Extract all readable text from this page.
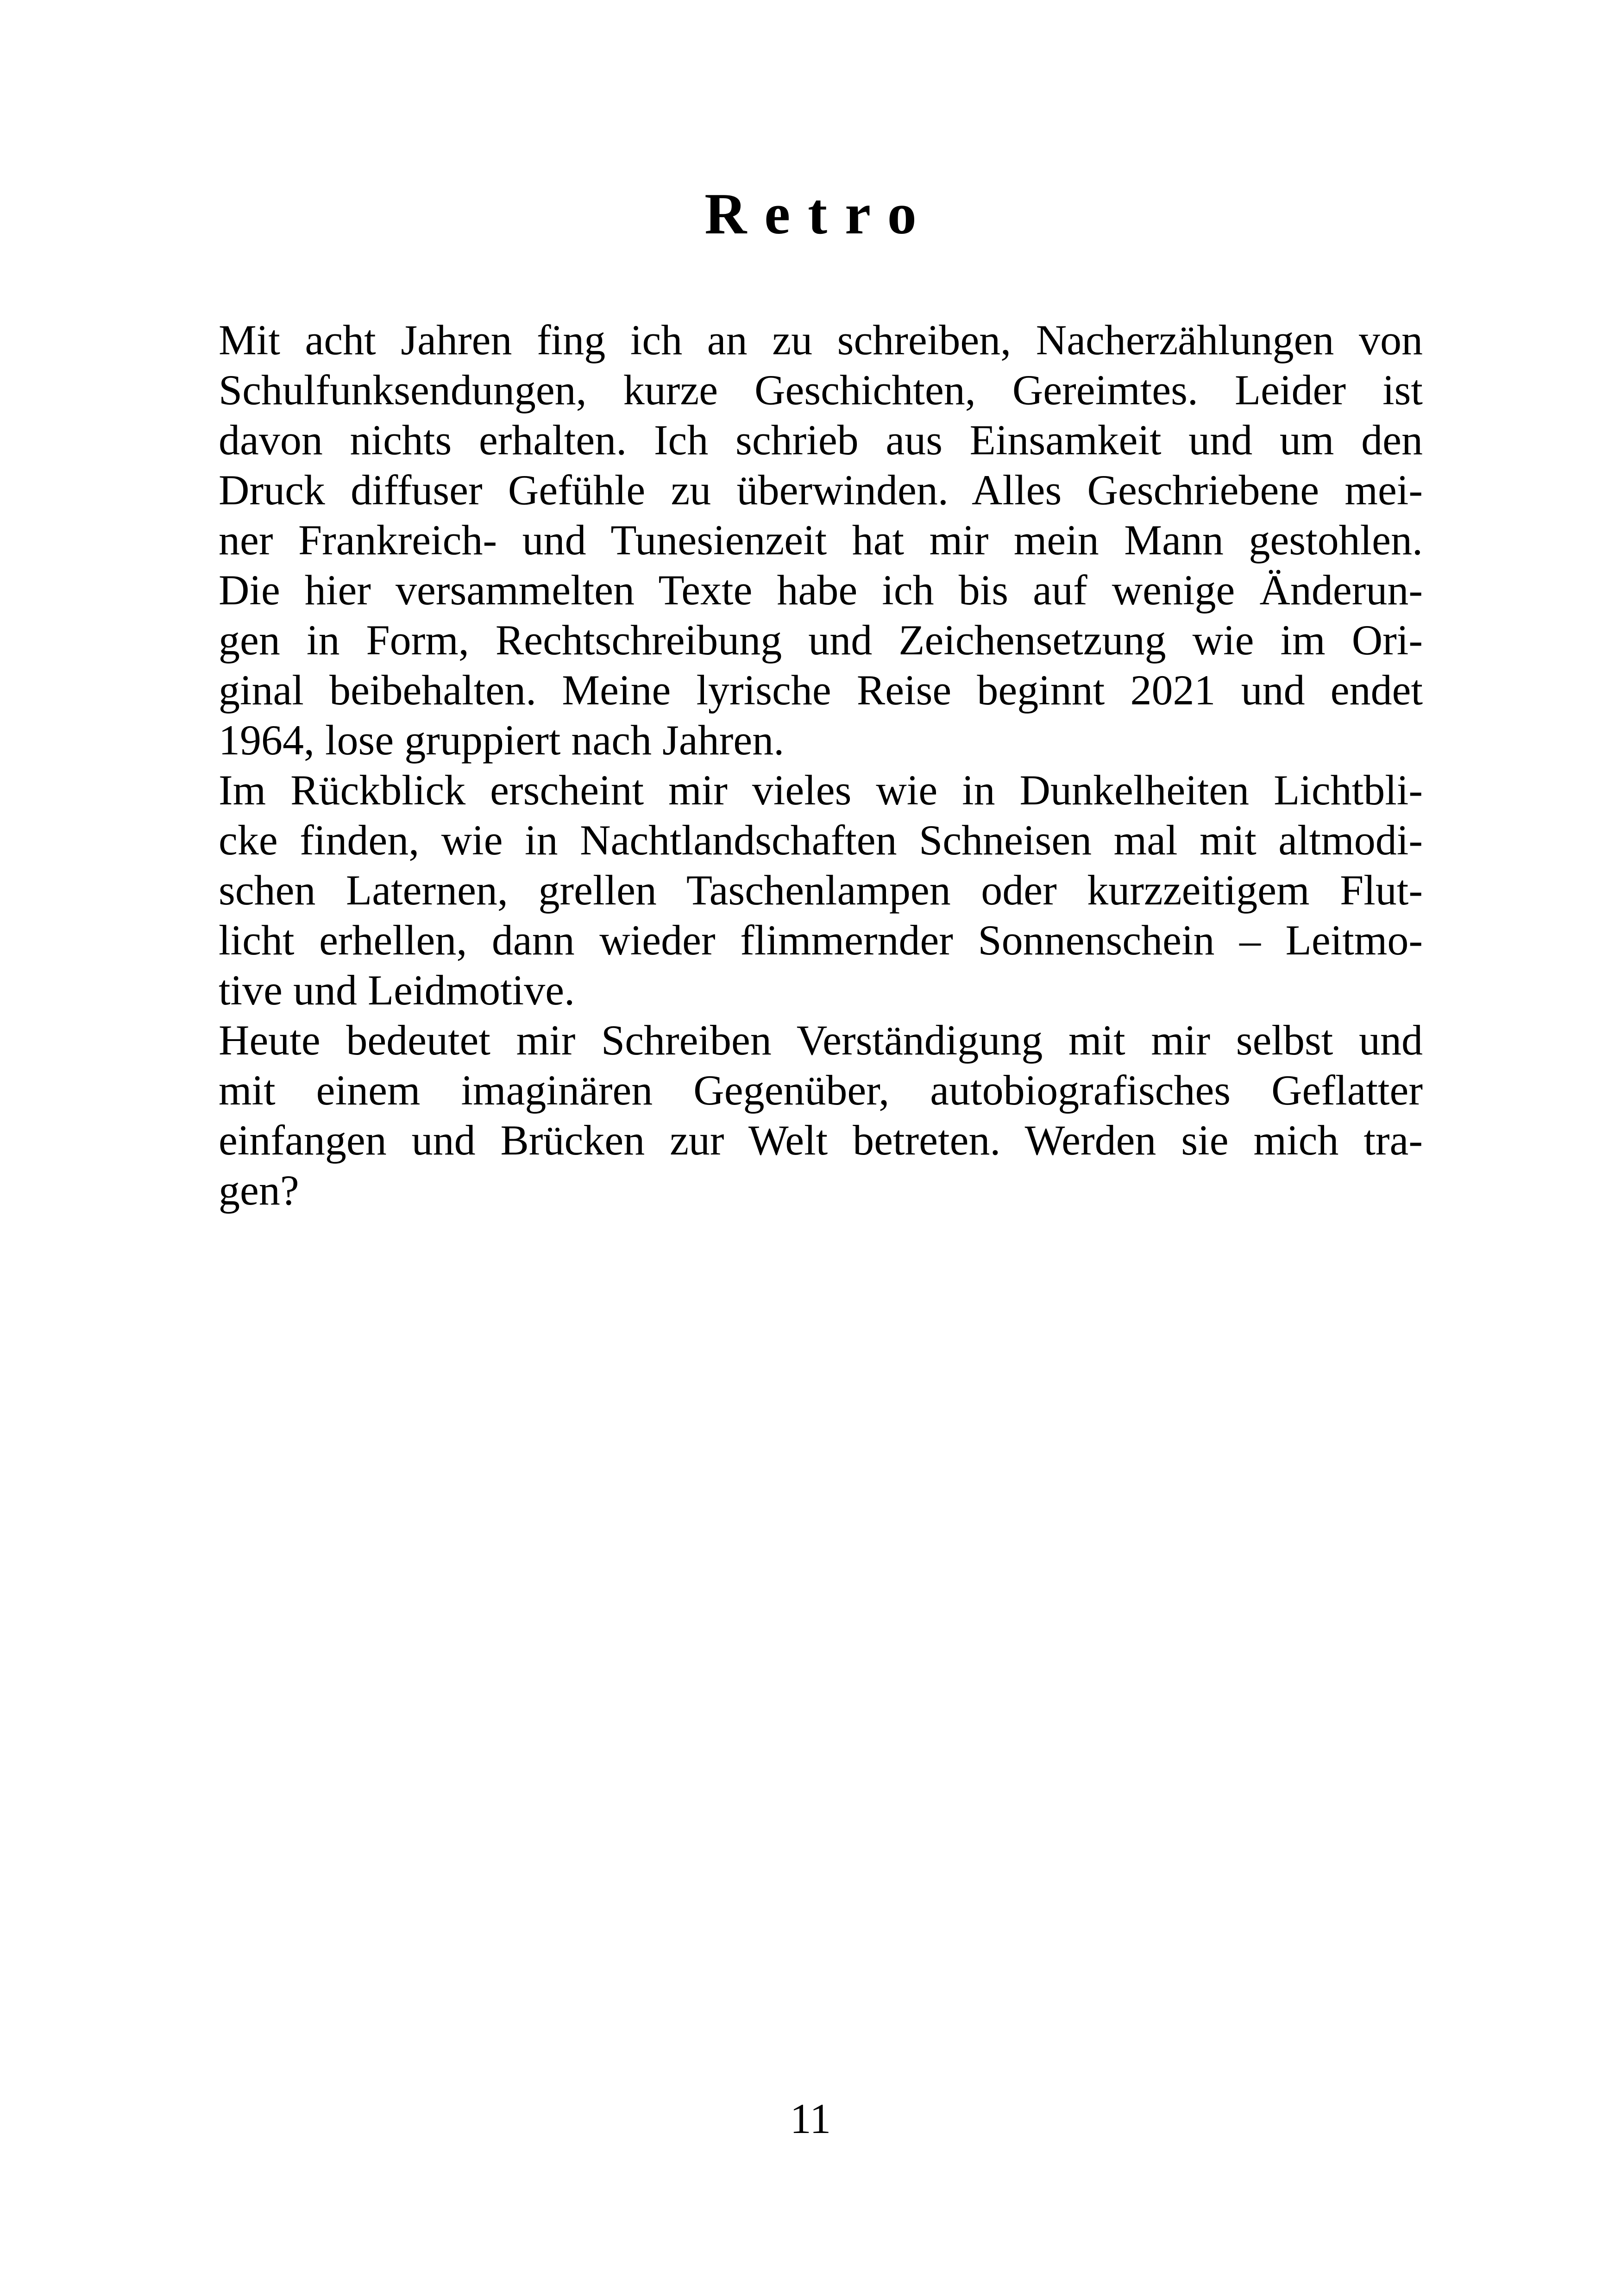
Retro
Mit acht Jahren fing ich an zu schreiben, Nacherzählungen von
Schulfunksendungen, kurze Geschichten, Gereimtes. Leider ist
davon nichts erhalten. Ich schrieb aus Einsamkeit und um den
Druck diffuser Gefühle zu überwinden. Alles Geschriebene mei-
ner Frankreich- und Tunesienzeit hat mir mein Mann gestohlen.
Die hier versammelten Texte habe ich bis auf wenige Änderun-
gen in Form, Rechtschreibung und Zeichensetzung wie im Ori-
ginal beibehalten. Meine lyrische Reise beginnt 2021 und endet
1964, lose gruppiert nach Jahren.
Im Rückblick erscheint mir vieles wie in Dunkelheiten Lichtbli-
cke finden, wie in Nachtlandschaften Schneisen mal mit altmodi-
schen Laternen, grellen Taschenlampen oder kurzzeitigem Flut-
licht erhellen, dann wieder flimmernder Sonnenschein – Leitmo-
tive und Leidmotive.
Heute bedeutet mir Schreiben Verständigung mit mir selbst und
mit einem imaginären Gegenüber, autobiografisches Geflatter
einfangen und Brücken zur Welt betreten. Werden sie mich tra-
gen?
11
